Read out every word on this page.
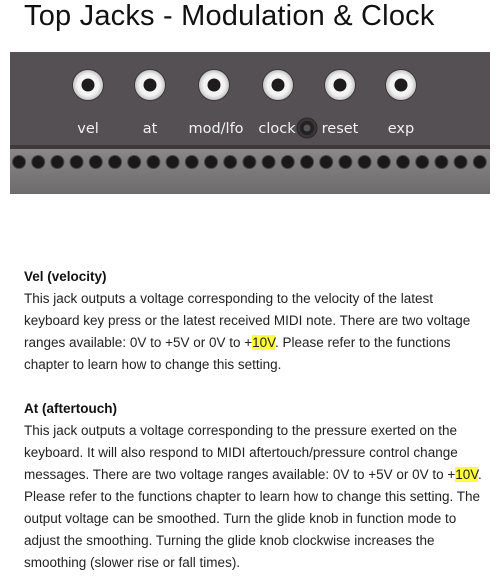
Top Jacks - Modulation & Clock
vel	at mod/lfo clock reset exp
Vel (velocity)

This jack outputs a voltage corresponding to the velocity of the latest keyboard key press or the latest received MIDI note. There are two voltage ranges available: 0V to +5V or 0V to +10V. Please refer to the functions chapter to learn how to change this setting.

At (aftertouch)

This jack outputs a voltage corresponding to the pressure exerted on the keyboard. It will also respond to MIDI aftertouch/pressure control change messages. There are two voltage ranges available: 0V to +5V or 0V to +10V. Please refer to the functions chapter to learn how to change this setting. The output voltage can be smoothed. Turn the glide knob in function mode to adjust the smoothing. Turning the glide knob clockwise increases the smoothing (slower rise or fall times).
